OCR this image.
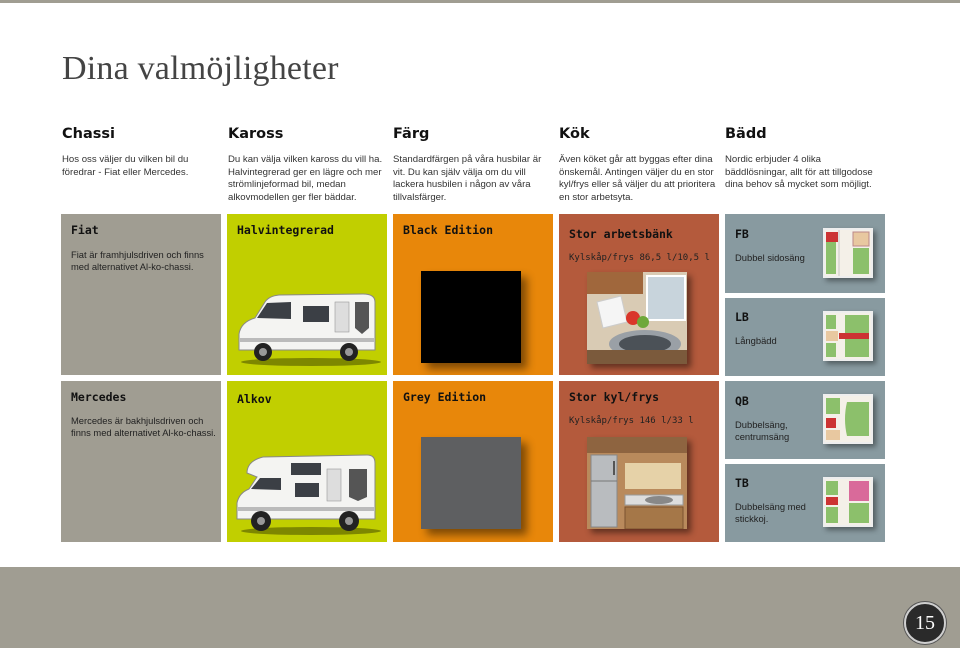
Dina valmöjligheter
Chassi	Kaross	Färg	Kök	Bädd
Hos oss väljer du vilken bil du föredrar - Fiat eller Mercedes.
Du kan välja vilken kaross du vill ha. Halvintegrerad ger en lägre och mer strömlinjeformad bil, medan alkovmodellen ger fler bäddar.
Standardfärgen på våra husbilar är vit. Du kan själv välja om du vill lackera husbilen i någon av våra tillvalsfärger.
Även köket går att byggas efter dina önskemål. Antingen väljer du en stor kyl/frys eller så väljer du att prioritera en stor arbetsyta.
Nordic erbjuder 4 olika bäddlösningar, allt för att tillgodose dina behov så mycket som möjligt.
Fiat
Fiat är framhjulsdriven och finns med alternativet Al-ko-chassi.
Mercedes
Mercedes är bakhjulsdriven och finns med alternativet Al-ko-chassi.
Halvintegrerad
Alkov
Black Edition
Grey Edition
Stor arbetsbänk
Kylskåp/frys 86,5 l/10,5 l
Stor kyl/frys
Kylskåp/frys 146 l/33 l
FB
Dubbel sidosäng
LB
Långbädd
QB
Dubbelsäng, centrumsäng
TB
Dubbelsäng med stickkoj.
15
